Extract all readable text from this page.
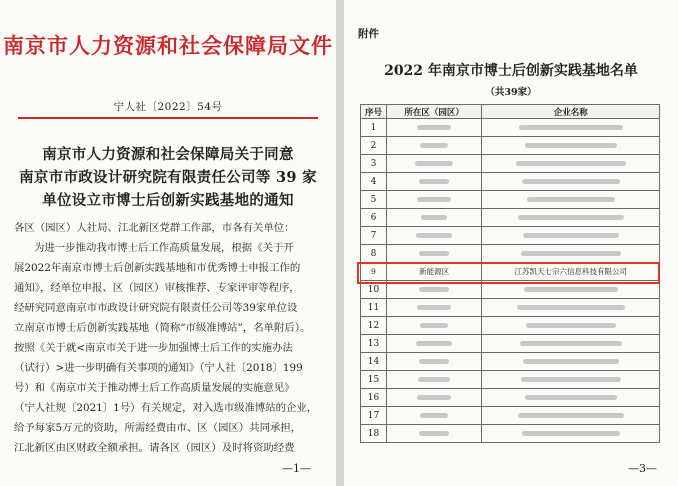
南京市人力资源和社会保障局文件
宁人社〔2022〕54号
南京市人力资源和社会保障局关于同意
南京市市政设计研究院有限责任公司等 39 家
单位设立市博士后创新实践基地的通知
各区（园区）人社局、江北新区党群工作部，市各有关单位：
为进一步推动我市博士后工作高质量发展，根据《关于开
展2022年南京市博士后创新实践基地和市优秀博士申报工作的
通知》，经单位申报、区（园区）审核推荐、专家评审等程序，
经研究同意南京市市政设计研究院有限责任公司等39家单位设
立南京市博士后创新实践基地（简称“市级准博站”，名单附后）。
按照《关于就<南京市关于进一步加强博士后工作的实施办法
（试行）>进一步明确有关事项的通知》（宁人社〔2018〕199
号）和《南京市关于推动博士后工作高质量发展的实施意见》
（宁人社规〔2021〕1号）有关规定，对入选市级准博站的企业，
给予每家5万元的资助，所需经费由市、区（园区）共同承担，
江北新区由区财政全额承担。请各区（园区）及时将资助经费
—1—
附件
2022 年南京市博士后创新实践基地名单
（共39家）
序号	所在区（园区）	企业名称
1		
2		
3		
4		
5		
6		
7		
8		
9	新能源区	江苏凯天七宗六信息科技有限公司
10		
11		
12		
13		
14		
15		
16		
17		
18		
—3—
